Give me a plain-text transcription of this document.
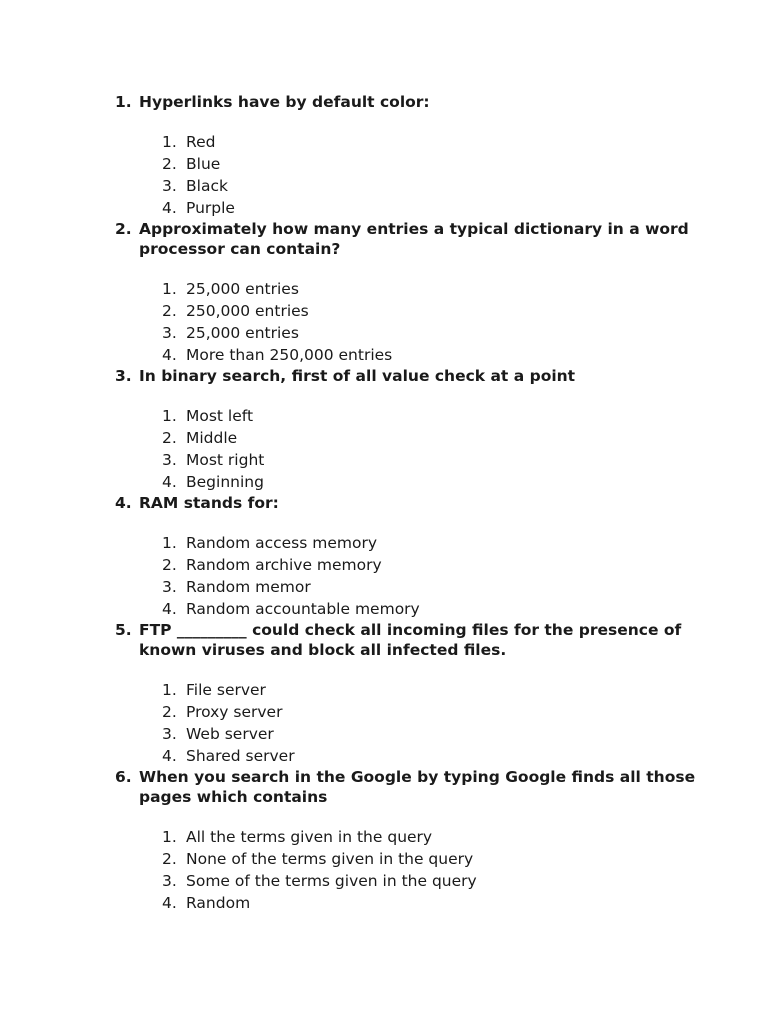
1. Hyperlinks have by default color:
1. Red
2. Blue
3. Black
4. Purple
2. Approximately how many entries a typical dictionary in a word processor can contain?
1. 25,000 entries
2. 250,000 entries
3. 25,000 entries
4. More than 250,000 entries
3. In binary search, first of all value check at a point
1. Most left
2. Middle
3. Most right
4. Beginning
4. RAM stands for:
1. Random access memory
2. Random archive memory
3. Random memor
4. Random accountable memory
5. FTP _________ could check all incoming files for the presence of known viruses and block all infected files.
1. File server
2. Proxy server
3. Web server
4. Shared server
6. When you search in the Google by typing Google finds all those pages which contains
1. All the terms given in the query
2. None of the terms given in the query
3. Some of the terms given in the query
4. Random
